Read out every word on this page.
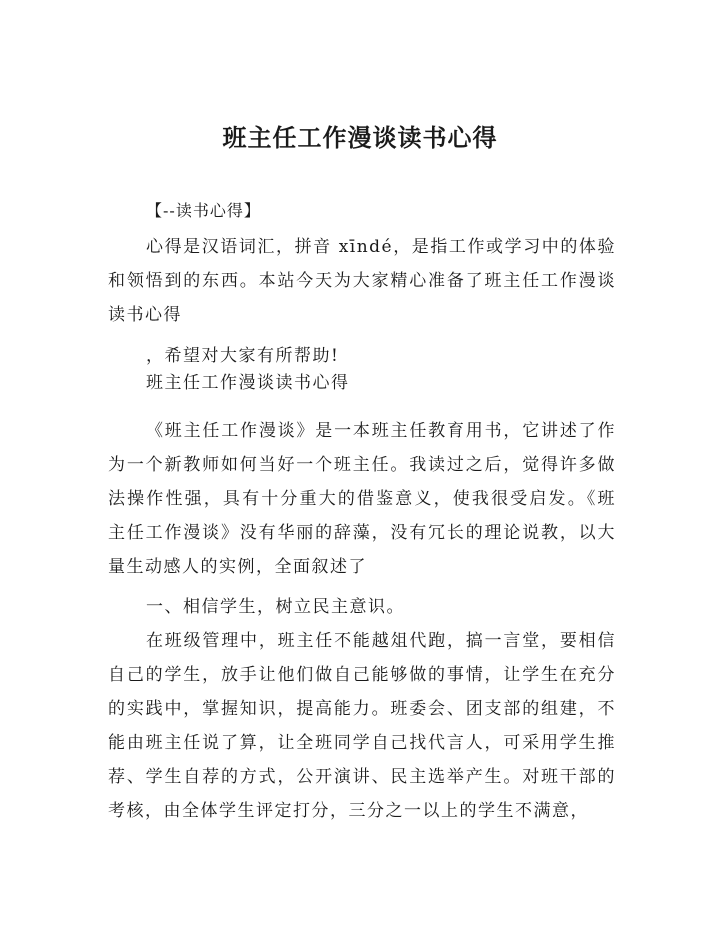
班主任工作漫谈读书心得
【--读书心得】

心得是汉语词汇，拼音 xīndé，是指工作或学习中的体验和领悟到的东西。本站今天为大家精心准备了班主任工作漫谈读书心得

，希望对大家有所帮助!
班主任工作漫谈读书心得

《班主任工作漫谈》是一本班主任教育用书，它讲述了作为一个新教师如何当好一个班主任。我读过之后，觉得许多做法操作性强，具有十分重大的借鉴意义，使我很受启发。《班主任工作漫谈》没有华丽的辞藻，没有冗长的理论说教，以大量生动感人的实例，全面叙述了

一、相信学生，树立民主意识。

在班级管理中，班主任不能越俎代跑，搞一言堂，要相信自己的学生，放手让他们做自己能够做的事情，让学生在充分的实践中，掌握知识，提高能力。班委会、团支部的组建，不能由班主任说了算，让全班同学自己找代言人，可采用学生推荐、学生自荐的方式，公开演讲、民主选举产生。对班干部的考核，由全体学生评定打分，三分之一以上的学生不满意，
